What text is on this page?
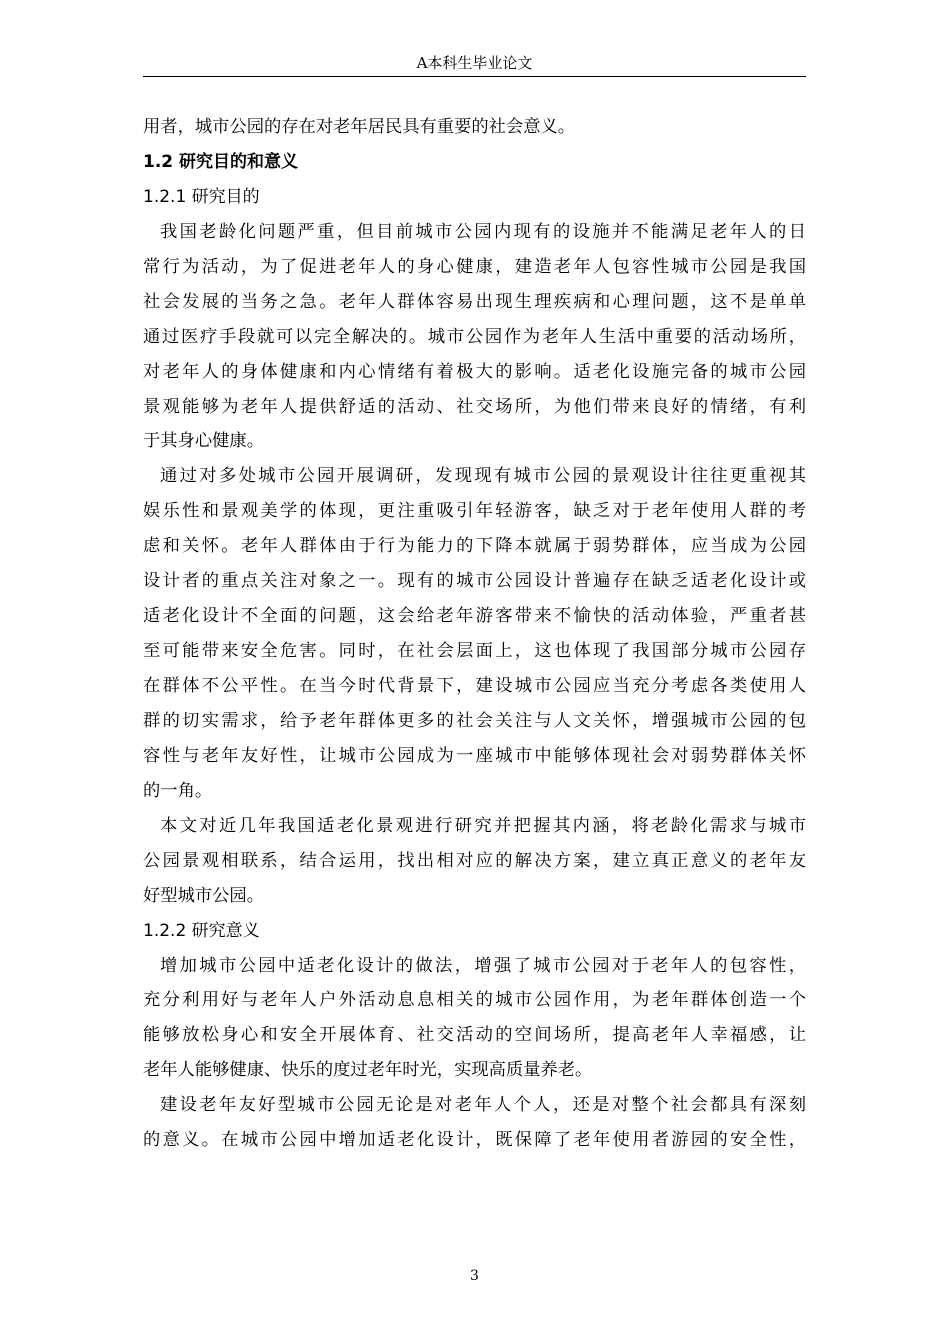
A本科生毕业论文
用者，城市公园的存在对老年居民具有重要的社会意义。
1.2 研究目的和意义
1.2.1 研究目的
我国老龄化问题严重，但目前城市公园内现有的设施并不能满足老年人的日
常行为活动，为了促进老年人的身心健康，建造老年人包容性城市公园是我国
社会发展的当务之急。老年人群体容易出现生理疾病和心理问题，这不是单单
通过医疗手段就可以完全解决的。城市公园作为老年人生活中重要的活动场所，
对老年人的身体健康和内心情绪有着极大的影响。适老化设施完备的城市公园
景观能够为老年人提供舒适的活动、社交场所，为他们带来良好的情绪，有利
于其身心健康。
通过对多处城市公园开展调研，发现现有城市公园的景观设计往往更重视其
娱乐性和景观美学的体现，更注重吸引年轻游客，缺乏对于老年使用人群的考
虑和关怀。老年人群体由于行为能力的下降本就属于弱势群体，应当成为公园
设计者的重点关注对象之一。现有的城市公园设计普遍存在缺乏适老化设计或
适老化设计不全面的问题，这会给老年游客带来不愉快的活动体验，严重者甚
至可能带来安全危害。同时，在社会层面上，这也体现了我国部分城市公园存
在群体不公平性。在当今时代背景下，建设城市公园应当充分考虑各类使用人
群的切实需求，给予老年群体更多的社会关注与人文关怀，增强城市公园的包
容性与老年友好性，让城市公园成为一座城市中能够体现社会对弱势群体关怀
的一角。
本文对近几年我国适老化景观进行研究并把握其内涵，将老龄化需求与城市
公园景观相联系，结合运用，找出相对应的解决方案，建立真正意义的老年友
好型城市公园。
1.2.2 研究意义
增加城市公园中适老化设计的做法，增强了城市公园对于老年人的包容性，
充分利用好与老年人户外活动息息相关的城市公园作用，为老年群体创造一个
能够放松身心和安全开展体育、社交活动的空间场所，提高老年人幸福感，让
老年人能够健康、快乐的度过老年时光，实现高质量养老。
建设老年友好型城市公园无论是对老年人个人，还是对整个社会都具有深刻
的意义。在城市公园中增加适老化设计，既保障了老年使用者游园的安全性，
3
